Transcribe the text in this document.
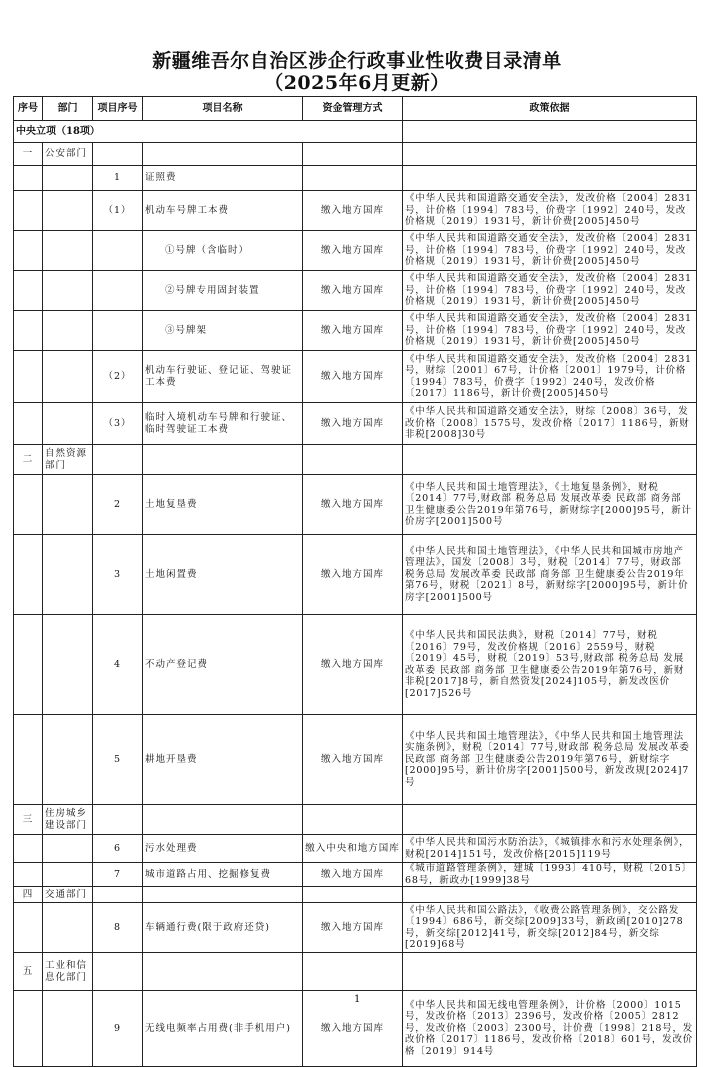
新疆维吾尔自治区涉企行政事业性收费目录清单
（2025年6月更新）
序号	部门	项目序号	项目名称	资金管理方式	政策依据
中央立项（18项）					
一	公安部门				
		1	证照费		
		（1）	机动车号牌工本费	缴入地方国库	《中华人民共和国道路交通安全法》，发改价格〔2004〕2831号，计价格〔1994〕783号，价费字〔1992〕240号，发改价格规〔2019〕1931号，新计价费[2005]450号
			①号牌（含临时）	缴入地方国库	《中华人民共和国道路交通安全法》，发改价格〔2004〕2831号，计价格〔1994〕783号，价费字〔1992〕240号，发改价格规〔2019〕1931号，新计价费[2005]450号
			②号牌专用固封装置	缴入地方国库	《中华人民共和国道路交通安全法》，发改价格〔2004〕2831号，计价格〔1994〕783号，价费字〔1992〕240号，发改价格规〔2019〕1931号，新计价费[2005]450号
			③号牌架	缴入地方国库	《中华人民共和国道路交通安全法》，发改价格〔2004〕2831号，计价格〔1994〕783号，价费字〔1992〕240号，发改价格规〔2019〕1931号，新计价费[2005]450号
		（2）	机动车行驶证、登记证、驾驶证工本费	缴入地方国库	《中华人民共和国道路交通安全法》，发改价格〔2004〕2831号，财综〔2001〕67号，计价格〔2001〕1979号，计价格〔1994〕783号，价费字〔1992〕240号，发改价格〔2017〕1186号，新计价费[2005]450号
		（3）	临时入境机动车号牌和行驶证、临时驾驶证工本费	缴入地方国库	《中华人民共和国道路交通安全法》，财综〔2008〕36号，发改价格〔2008〕1575号，发改价格〔2017〕1186号，新财非税[2008]30号
二	自然资源部门				
		2	土地复垦费	缴入地方国库	《中华人民共和国土地管理法》，《土地复垦条例》，财税〔2014〕77号,财政部 税务总局 发展改革委 民政部 商务部 卫生健康委公告2019年第76号，新财综字[2000]95号，新计价房字[2001]500号
		3	土地闲置费	缴入地方国库	《中华人民共和国土地管理法》，《中华人民共和国城市房地产管理法》，国发〔2008〕3号，财税〔2014〕77号，财政部 税务总局 发展改革委 民政部 商务部 卫生健康委公告2019年第76号，财税〔2021〕8号，新财综字[2000]95号，新计价房字[2001]500号
		4	不动产登记费	缴入地方国库	《中华人民共和国民法典》，财税〔2014〕77号，财税〔2016〕79号，发改价格规〔2016〕2559号，财税〔2019〕45号，财税〔2019〕53号,财政部 税务总局 发展改革委 民政部 商务部 卫生健康委公告2019年第76号，新财非税[2017]8号，新自然资发[2024]105号，新发改医价[2017]526号
		5	耕地开垦费	缴入地方国库	《中华人民共和国土地管理法》，《中华人民共和国土地管理法实施条例》，财税〔2014〕77号,财政部 税务总局 发展改革委 民政部 商务部 卫生健康委公告2019年第76号，新财综字[2000]95号，新计价房字[2001]500号，新发改规[2024]7号
三	住房城乡建设部门				
		6	污水处理费	缴入中央和地方国库	《中华人民共和国污水防治法》，《城镇排水和污水处理条例》，财税[2014]151号，发改价格[2015]119号
		7	城市道路占用、挖掘修复费	缴入地方国库	《城市道路管理条例》，建城〔1993〕410号，财税〔2015〕68号，新政办[1999]38号
四	交通部门				
		8	车辆通行费(限于政府还贷)	缴入地方国库	《中华人民共和国公路法》，《收费公路管理条例》，交公路发〔1994〕686号，新交综[2009]33号，新政函[2010]278号，新交综[2012]41号，新交综[2012]84号，新交综[2019]68号
五	工业和信息化部门				
		9	无线电频率占用费(非手机用户)	缴入地方国库	《中华人民共和国无线电管理条例》，计价格〔2000〕1015号，发改价格〔2013〕2396号，发改价格〔2005〕2812号，发改价格〔2003〕2300号，计价费〔1998〕218号，发改价格〔2017〕1186号，发改价格〔2018〕601号，发改价格〔2019〕914号
1
